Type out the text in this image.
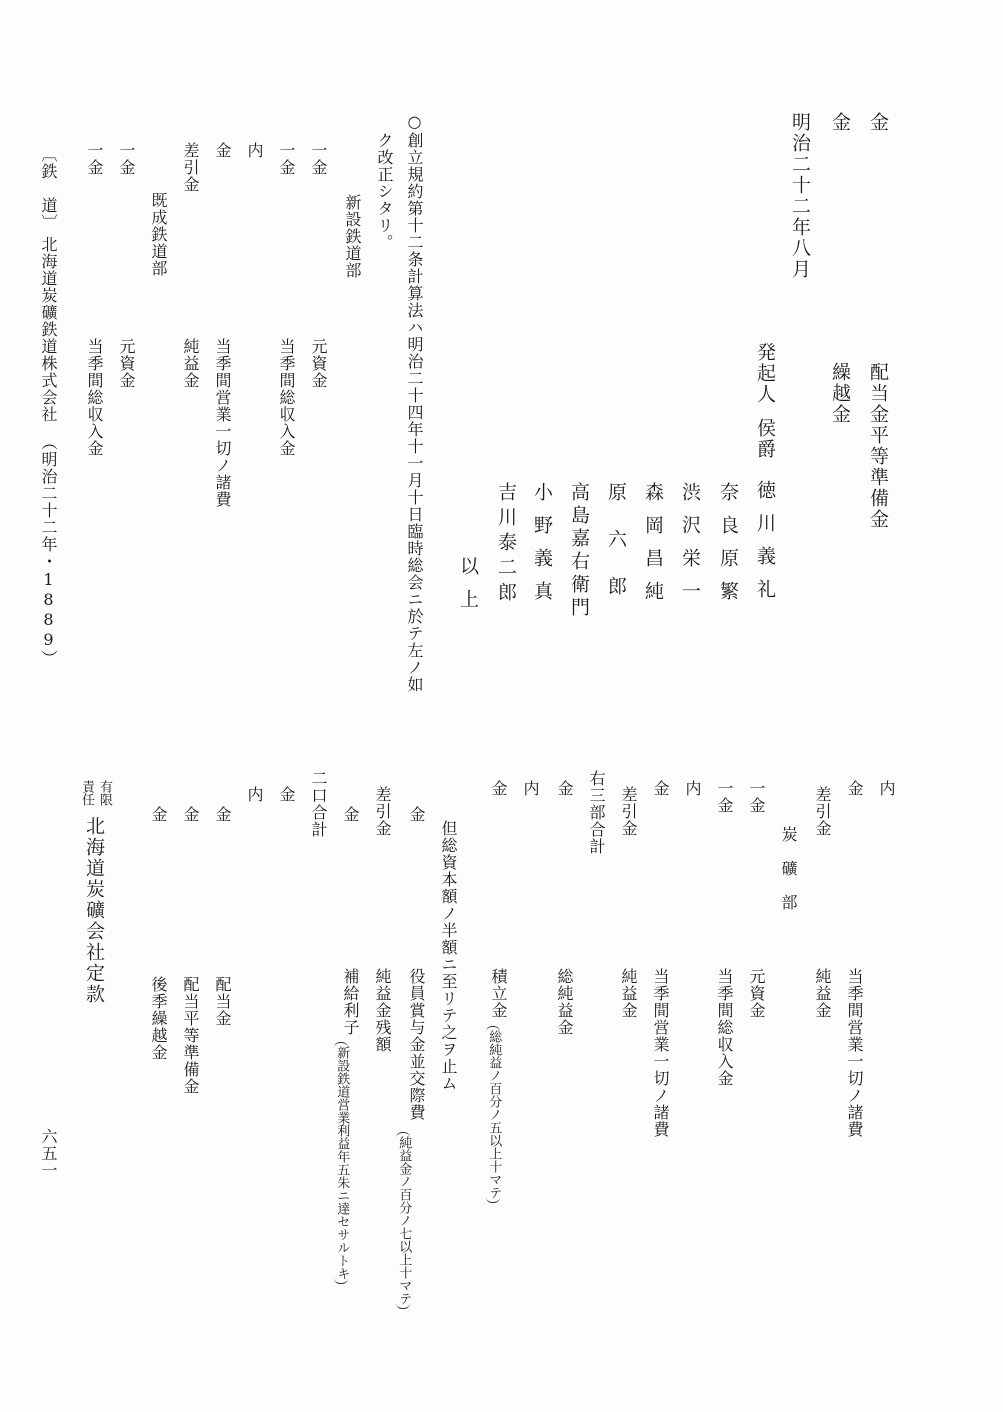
金
金
明治二十二年八月
配当金平等準備金
繰越金
発起人
侯爵
徳川義礼
奈良原繁
渋沢栄一
森岡昌純
原六郎
高島嘉右衛門
小野義真
吉川泰二郎
以上
○創立規約第十二条計算法ハ明治二十四年十一月十日臨時総会ニ於テ左ノ如
ク改正シタリ。
新設鉄道部
一金
元資金
一金
当季間総収入金
内
金
当季間営業一切ノ諸費
差引金
純益金
既成鉄道部
一金
元資金
一金
当季間総収入金
〔鉄　道〕
北海道炭礦鉄道株式会社
（明治二十二年・1889）
内
金
当季間営業一切ノ諸費
差引金
純益金
炭礦部
一金
元資金
一金
当季間総収入金
内
金
当季間営業一切ノ諸費
差引金
純益金
右三部合計
金
総純益金
内
金
積立金
総純益ノ百分ノ五以上十マテ
但総資本額ノ半額ニ至リテ之ヲ止ム
金
役員賞与金並交際費
純益金ノ百分ノ七以上十マテ
差引金
純益金残額
金
補給利子
新設鉄道営業利益年五朱ニ達セサルトキ
二口合計
金
内
金
配当金
金
配当平等準備金
金
後季繰越金
有限
責任
北海道炭礦会社定款
六五一
